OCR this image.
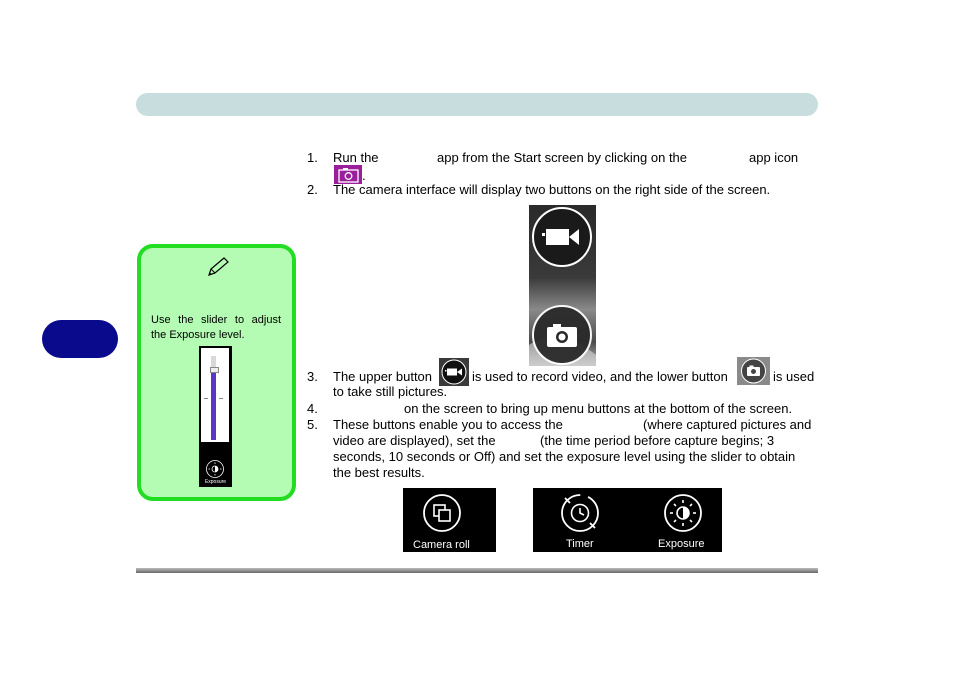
Use the slider to adjust the Exposure level.
Exposure
1. Run the	app from the Start screen by clicking on the	app icon
.
2. The camera interface will display two buttons on the right side of the screen.
3. The upper button	is used to record video, and the lower button	is used
to take still pictures.
4.	on the screen to bring up menu buttons at the bottom of the screen.
5. These buttons enable you to access the	(where captured pictures and
video are displayed), set the	(the time period before capture begins; 3
seconds, 10 seconds or Off) and set the exposure level using the slider to obtain
the best results.
Camera roll	Timer	Exposure
